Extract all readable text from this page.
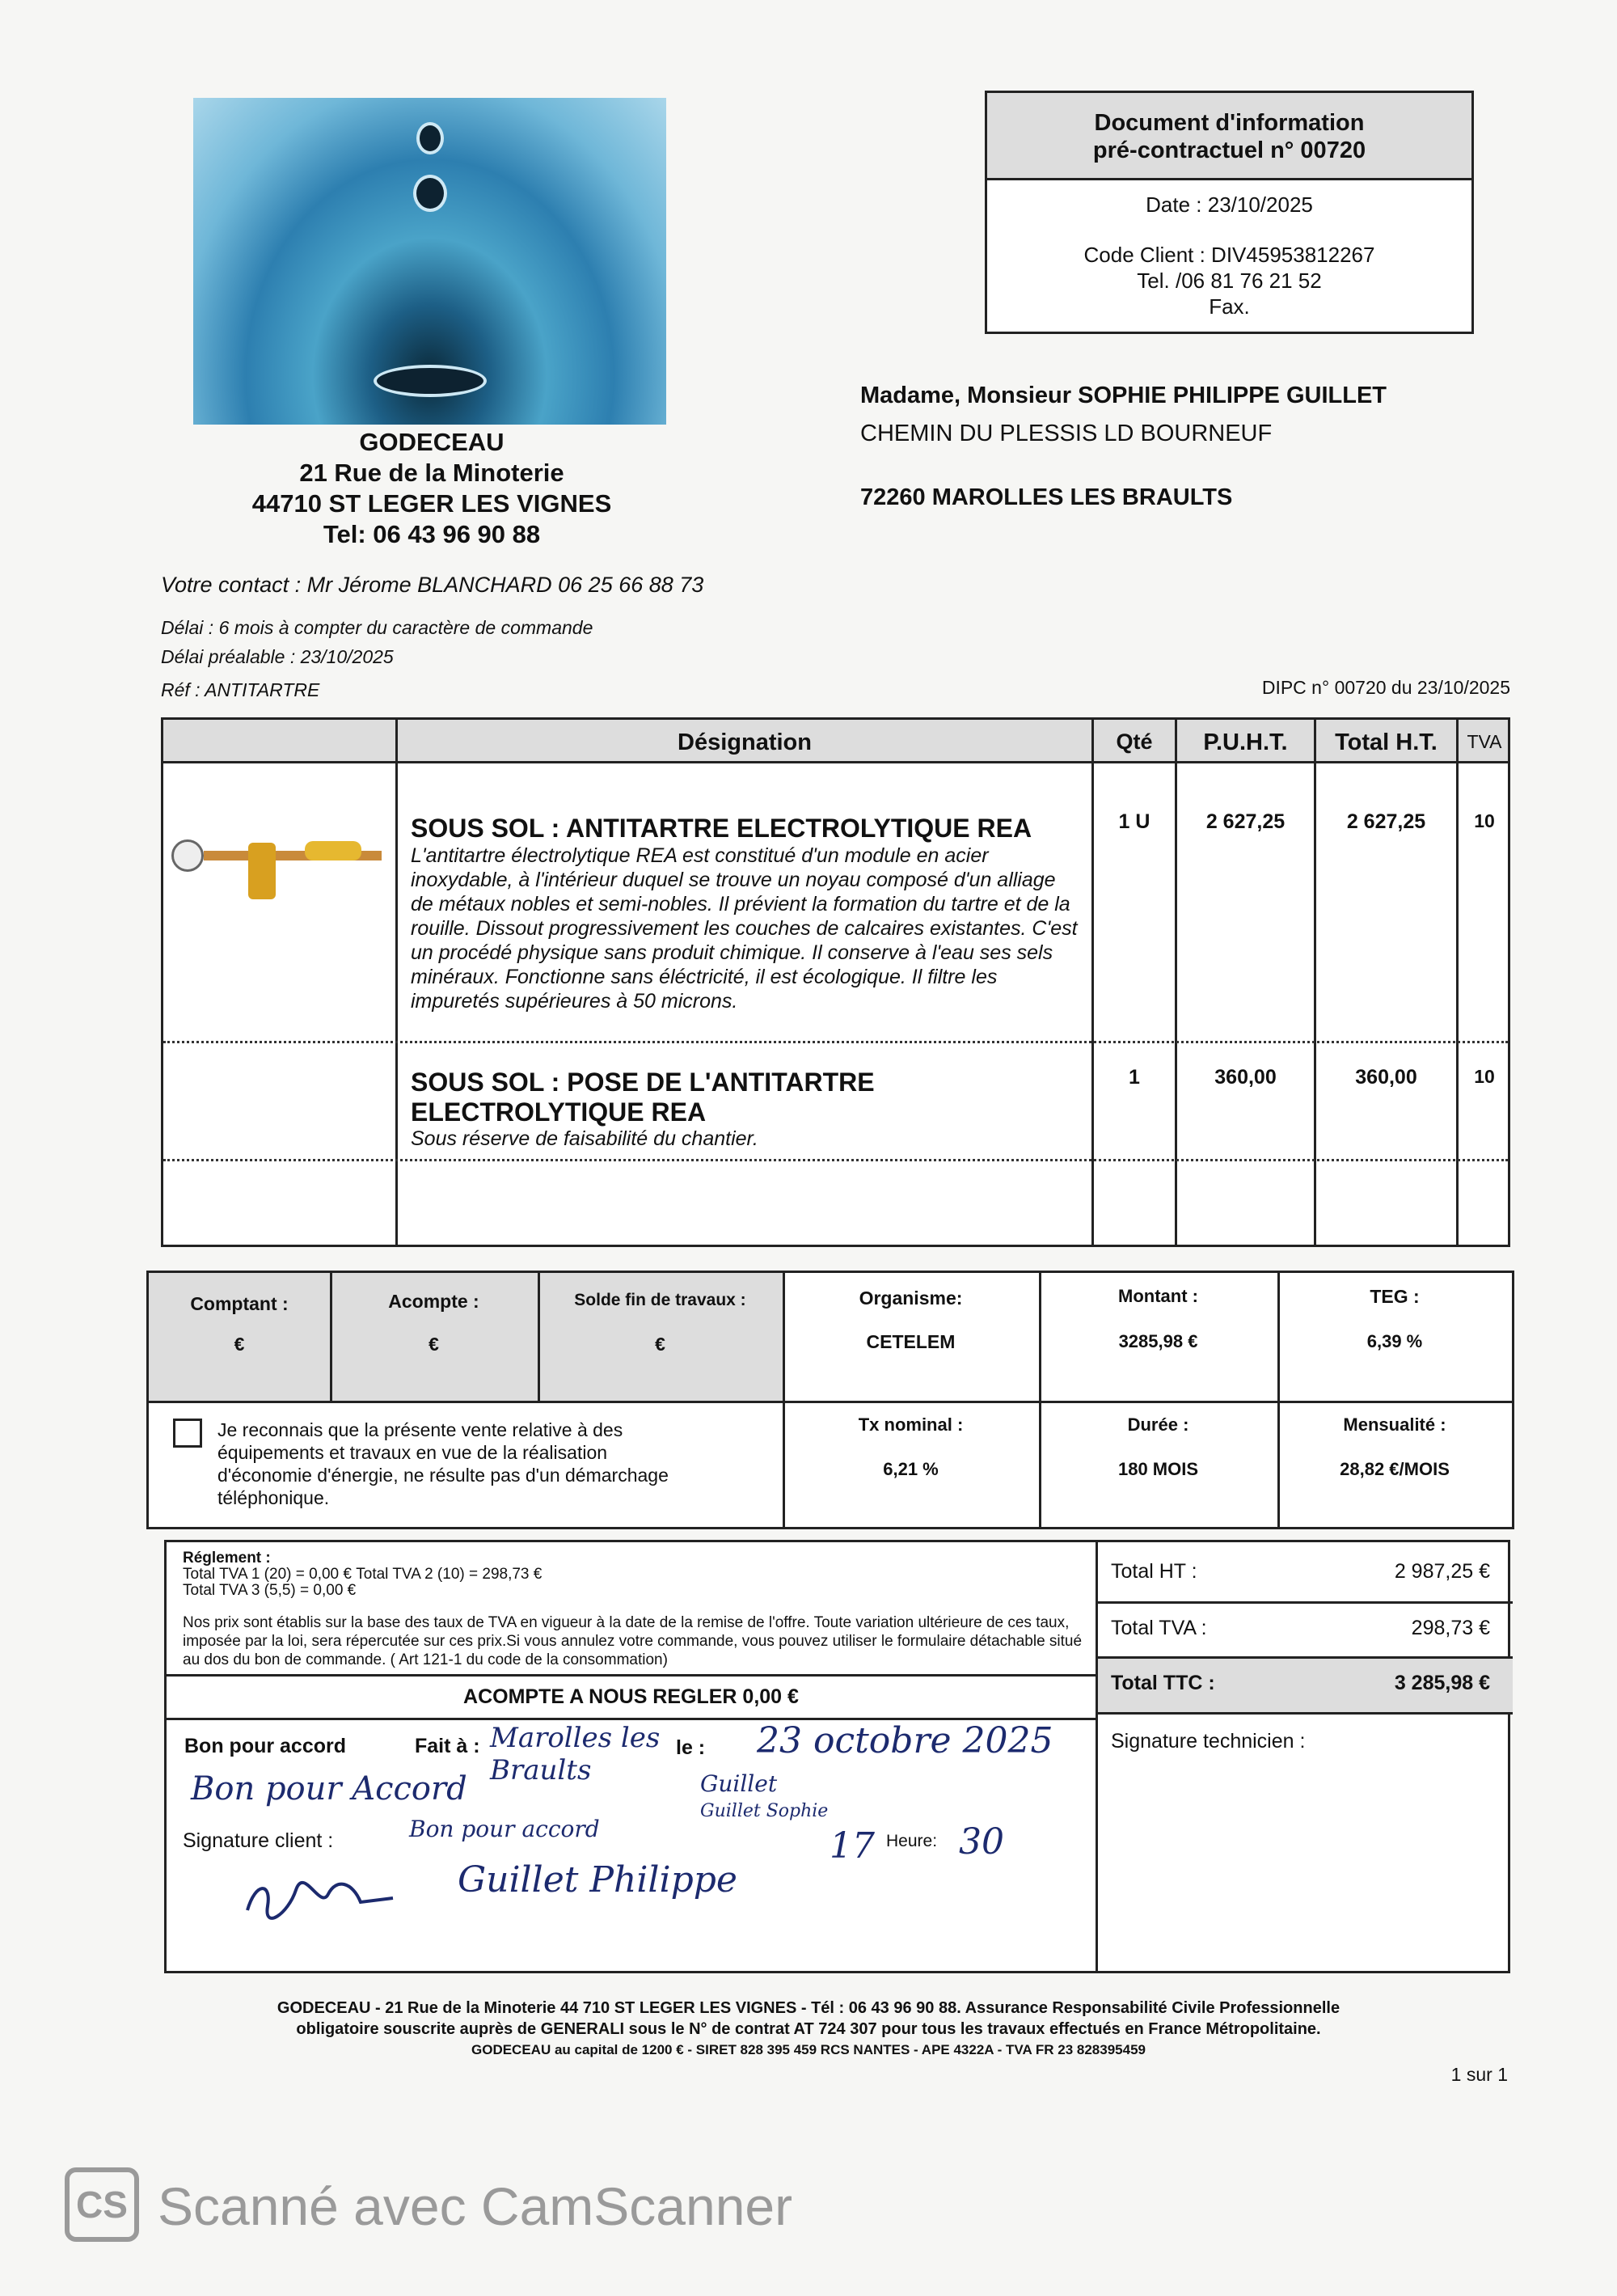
GODECEAU
21 Rue de la Minoterie
44710 ST LEGER LES VIGNES
Tel: 06 43 96 90 88
Document d'information
pré-contractuel n° 00720
Date : 23/10/2025
Code Client : DIV45953812267
Tel. /06 81 76 21 52
Fax.
Madame, Monsieur SOPHIE PHILIPPE GUILLET
CHEMIN DU PLESSIS LD BOURNEUF
72260 MAROLLES LES BRAULTS
Votre contact : Mr Jérome BLANCHARD 06 25 66 88 73
Délai : 6 mois à compter du caractère de commande
Délai préalable : 23/10/2025
Réf : ANTITARTRE	DIPC n° 00720 du 23/10/2025
Désignation	Qté	P.U.H.T.	Total H.T.	TVA
SOUS SOL : ANTITARTRE ELECTROLYTIQUE REA
L'antitartre électrolytique REA est constitué d'un module en acier inoxydable, à l'intérieur duquel se trouve un noyau composé d'un alliage de métaux nobles et semi-nobles. Il prévient la formation du tartre et de la rouille. Dissout progressivement les couches de calcaires existantes. C'est un procédé physique sans produit chimique. Il conserve à l'eau ses sels minéraux. Fonctionne sans éléctricité, il est écologique. Il filtre les impuretés supérieures à 50 microns.
1 U	2 627,25	2 627,25	10
SOUS SOL : POSE DE L'ANTITARTRE ELECTROLYTIQUE REA
Sous réserve de faisabilité du chantier.
1	360,00	360,00	10
Comptant :
€
Acompte :
€
Solde fin de travaux :
€
Organisme:
CETELEM
Montant :
3285,98 €
TEG :
6,39 %
Je reconnais que la présente vente relative à des équipements et travaux en vue de la réalisation d'économie d'énergie, ne résulte pas d'un démarchage téléphonique.
Tx nominal :
6,21 %
Durée :
180 MOIS
Mensualité :
28,82 €/MOIS
Réglement :
Total TVA 1 (20) = 0,00 € Total TVA 2 (10) = 298,73 €
Total TVA 3 (5,5) = 0,00 €
Nos prix sont établis sur la base des taux de TVA en vigueur à la date de la remise de l'offre. Toute variation ultérieure de ces taux, imposée par la loi, sera répercutée sur ces prix.Si vous annulez votre commande, vous pouvez utiliser le formulaire détachable situé au dos du bon de commande. ( Art 121-1 du code de la consommation)
ACOMPTE A NOUS REGLER 0,00 €
Total HT :	2 987,25 €
Total TVA :	298,73 €
Total TTC :	3 285,98 €
Signature technicien :
Bon pour accord	Fait à :	le :
Signature client :	Heure:
Marolles les Braults
23 octobre 2025
Bon pour Accord
Bon pour accord
Guillet
Guillet Sophie
Guillet Philippe
17 30
GODECEAU - 21 Rue de la Minoterie 44 710 ST LEGER LES VIGNES - Tél : 06 43 96 90 88. Assurance Responsabilité Civile Professionnelle
obligatoire souscrite auprès de GENERALI sous le N° de contrat AT 724 307 pour tous les travaux effectués en France Métropolitaine.
GODECEAU au capital de 1200 € - SIRET 828 395 459 RCS NANTES - APE 4322A - TVA FR 23 828395459
1 sur 1
CS Scanné avec CamScanner
